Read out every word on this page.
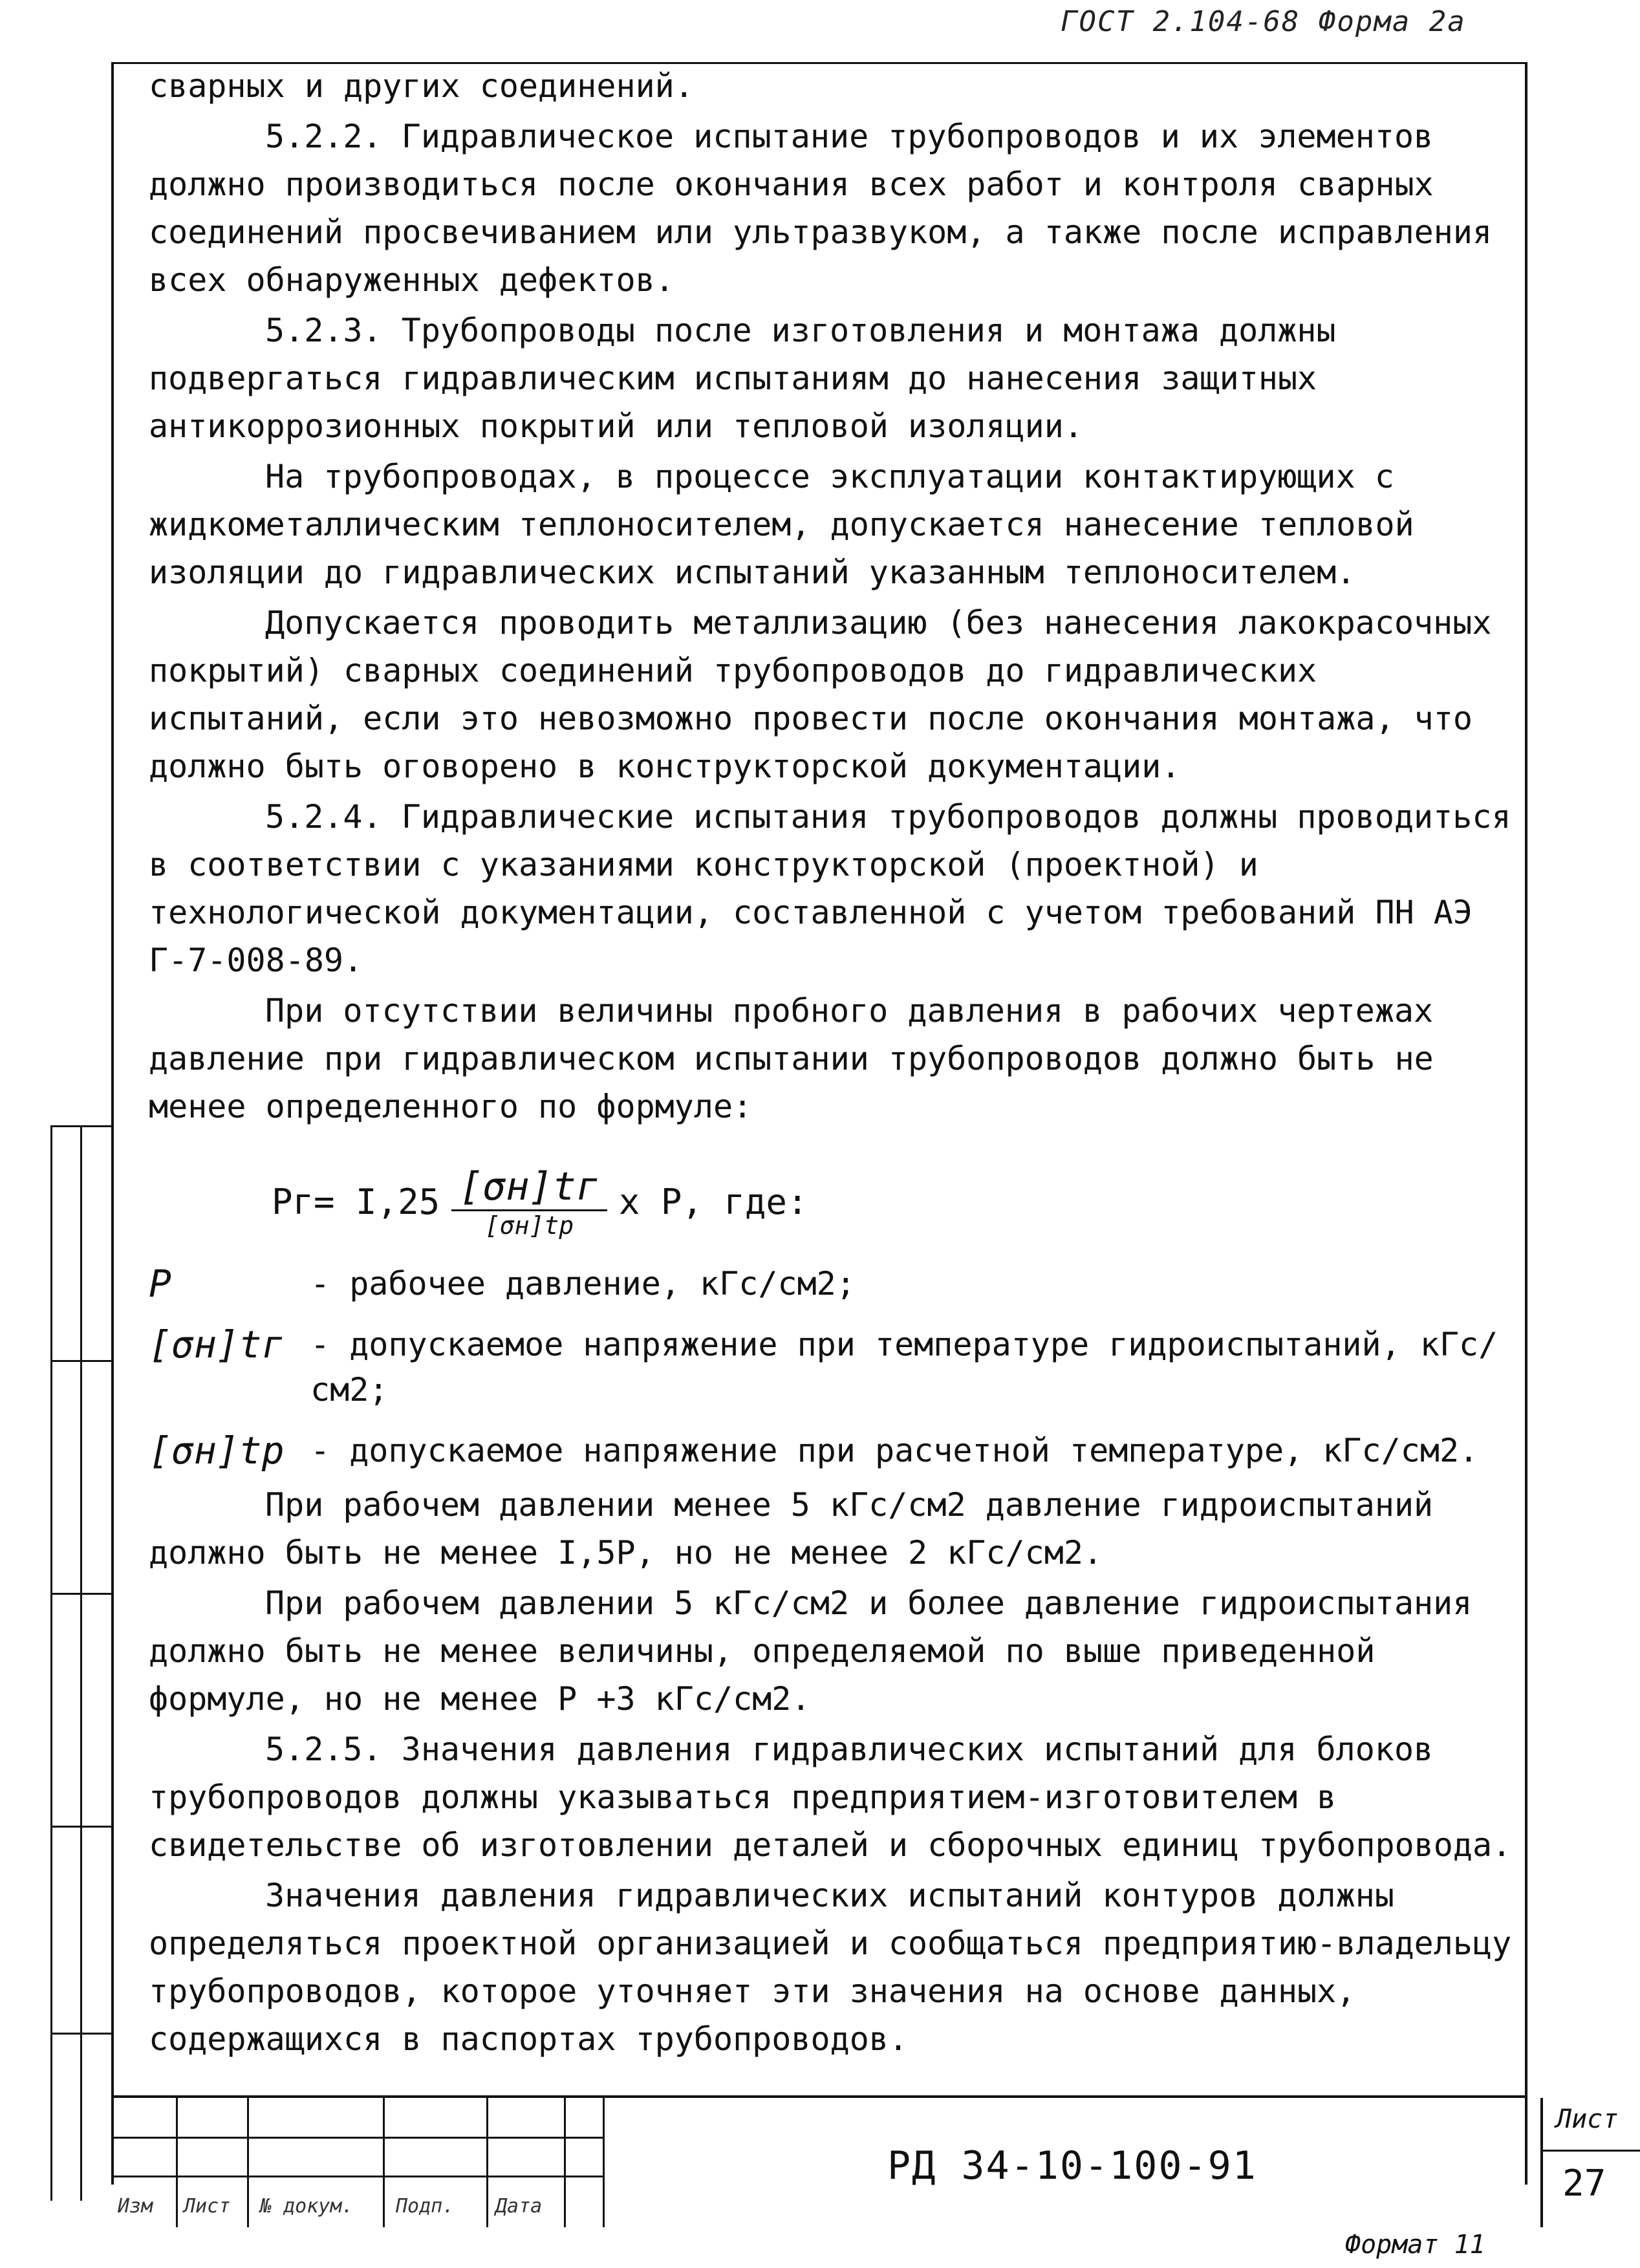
ГОСТ 2.104-68 Форма 2а

сварных и других соединений.

5.2.2. Гидравлическое испытание трубопроводов и их элементов должно производиться после окончания всех работ и контроля сварных соединений просвечиванием или ультразвуком, а также после исправления всех обнаруженных дефектов.

5.2.3. Трубопроводы после изготовления и монтажа должны подвергаться гидравлическим испытаниям до нанесения защитных антикоррозионных покрытий или тепловой изоляции.

На трубопроводах, в процессе эксплуатации контактирующих с жидкометаллическим теплоносителем, допускается нанесение тепловой изоляции до гидравлических испытаний указанным теплоносителем.

Допускается проводить металлизацию (без нанесения лакокрасочных покрытий) сварных соединений трубопроводов до гидравлических испытаний, если это невозможно провести после окончания монтажа, что должно быть оговорено в конструкторской документации.

5.2.4. Гидравлические испытания трубопроводов должны проводиться в соответствии с указаниями конструкторской (проектной) и технологической документации, составленной с учетом требований ПН АЭ Г-7-008-89.

При отсутствии величины пробного давления в рабочих чертежах давление при гидравлическом испытании трубопроводов должно быть не менее определенного по формуле:

$Pг= I,25 \frac{[\sigma н]tг}{[\sigma н]tр}$ x P, где:
P	- рабочее давление, кГс/см2;
[σн]tг - допускаемое напряжение при температуре гидроиспытаний, кГс/см2;
[σн]tр - допускаемое напряжение при расчетной температуре, кГс/см2.

При рабочем давлении менее 5 кГс/см2 давление гидроиспытаний должно быть не менее I,5P, но не менее 2 кГс/см2.

При рабочем давлении 5 кГс/см2 и более давление гидроиспытания должно быть не менее величины, определяемой по выше приведенной формуле, но не менее P +3 кГс/см2.

5.2.5. Значения давления гидравлических испытаний для блоков трубопроводов должны указываться предприятием-изготовителем в свидетельстве об изготовлении деталей и сборочных единиц трубопровода.

Значения давления гидравлических испытаний контуров должны определяться проектной организацией и сообщаться предприятию-владельцу трубопроводов, которое уточняет эти значения на основе данных, содержащихся в паспортах трубопроводов.

Изм Лист № докум. Подп. Дата
РД 34-10-100-91
Лист
27
Формат 11
